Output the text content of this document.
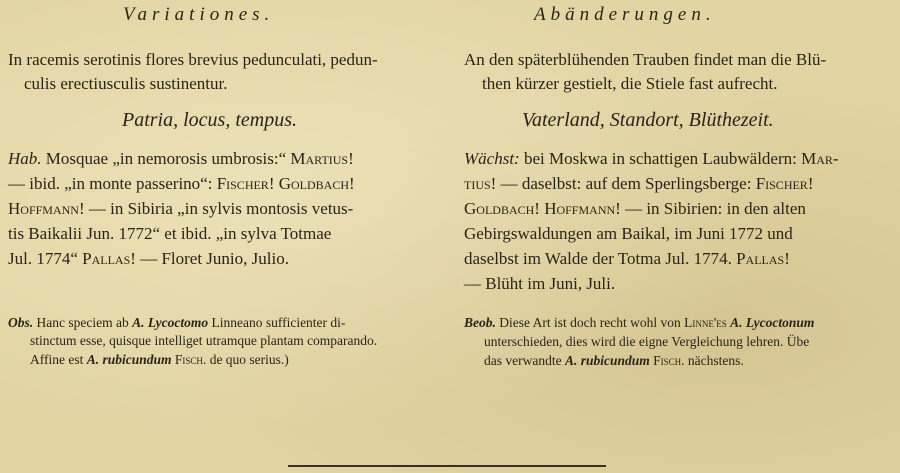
Variationes.
In racemis serotinis flores brevius pedunculati, pedun-
culis erectiusculis sustinentur.
Patria, locus, tempus.
Hab. Mosquae „in nemorosis umbrosis:“ Martius!
— ibid. „in monte passerino“: Fischer! Goldbach!
Hoffmann! — in Sibiria „in sylvis montosis vetus-
tis Baikalii Jun. 1772“ et ibid. „in sylva Totmae
Jul. 1774“ Pallas! — Floret Junio, Julio.
Obs. Hanc speciem ab A. Lycoctomo Linneano sufficienter di-
stinctum esse, quisque intelliget utramque plantam comparando.
Affine est A. rubicundum Fisch. de quo serius.)
Abänderungen.
An den späterblühenden Trauben findet man die Blü-
then kürzer gestielt, die Stiele fast aufrecht.
Vaterland, Standort, Blüthezeit.
Wächst: bei Moskwa in schattigen Laubwäldern: Mar-
tius! — daselbst: auf dem Sperlingsberge: Fischer!
Goldbach! Hoffmann! — in Sibirien: in den alten
Gebirgswaldungen am Baikal, im Juni 1772 und
daselbst im Walde der Totma Jul. 1774. Pallas!
— Blüht im Juni, Juli.
Beob. Diese Art ist doch recht wohl von Linne'es A. Lycoctonum
unterschieden, dies wird die eigne Vergleichung lehren. Übe
das verwandte A. rubicundum Fisch. nächstens.
